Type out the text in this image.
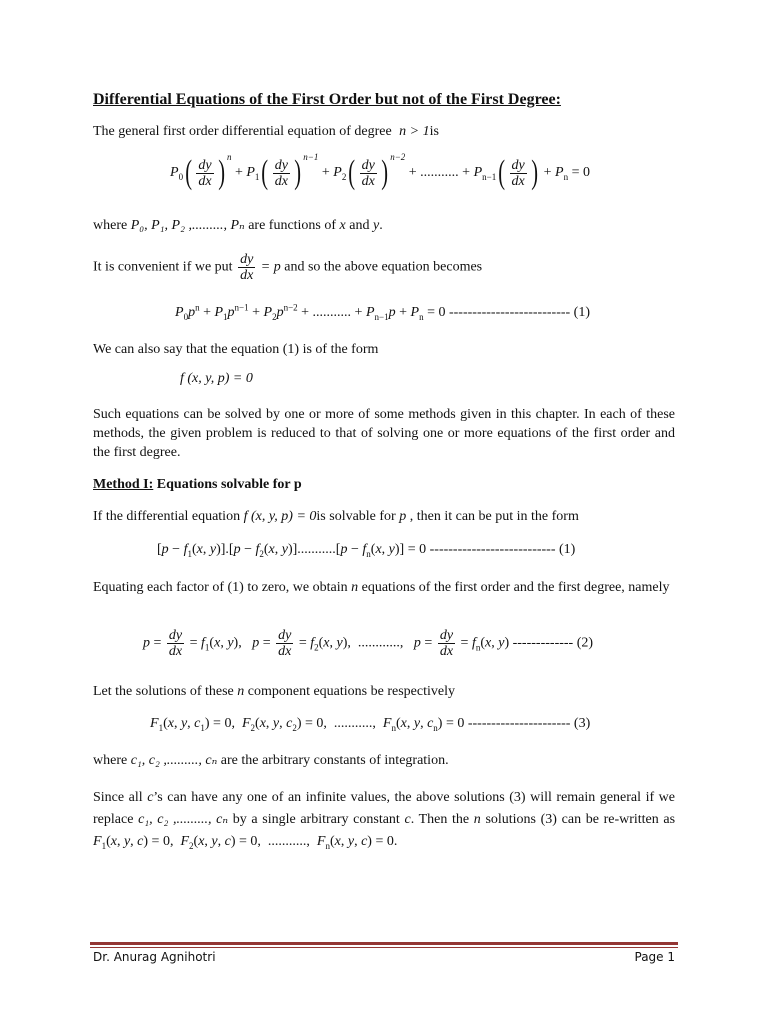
Differential Equations of the First Order but not of the First Degree:
The general first order differential equation of degree n > 1is
$P_0( \frac{dy}{dx}$ ) $n + P_1( \frac{dy}{dx}$ ) $n-1 + P_2( \frac{dy}{dx}$ ) n−2 + ........... + $P_{n-1}( \frac{dy}{dx}$ ) + $P_n = 0$
where P₀, P₁, P₂ ,........., Pₙ are functions of x and y.
It is convenient if we put $\frac{dy}{dx} = p$ and so the above equation becomes
$P_0p^n + P_1p^{n-1} + P_2p^{n-2}$ + ........... + $P_{n-1}p + P_n = 0$ -------------------------- (1)
We can also say that the equation (1) is of the form
f (x, y, p) = 0
Such equations can be solved by one or more of some methods given in this chapter. In each of these methods, the given problem is reduced to that of solving one or more equations of the first order and the first degree.
Method I: Equations solvable for p
If the differential equation f (x, y, p) = 0is solvable for p , then it can be put in the form
[$p - f_1(x$, $y)].[p - f_2(x$, $y)]...........[p - f_n(x$, y)] = 0 --------------------------- (1)
Equating each factor of (1) to zero, we obtain n equations of the first order and the first degree, namely
$p = \frac{dy}{dx} = f_1(x$, y),   $p = \frac{dy}{dx} = f_2(x$, y),  ............,   $p = \frac{dy}{dx} = f_n(x$, y) ------------- (2)
Let the solutions of these n component equations be respectively
$F_1(x$, y, $c_1) = 0$,  $F_2(x$, y, $c_2) = 0$,  ...........,  $F_n(x$, y, $c_n) = 0$ ---------------------- (3)
where c₁, c₂ ,........., cₙ are the arbitrary constants of integration.
Since all c’s can have any one of an infinite values, the above solutions (3) will remain general if we replace c₁, c₂ ,........., cₙ by a single arbitrary constant c. Then the n solutions (3) can be re-written as $F_1(x$, y, c) = 0,  $F_2(x$, y, c) = 0,  ...........,  $F_n(x$, y, c) = 0.
Dr. Anurag Agnihotri	Page 1
